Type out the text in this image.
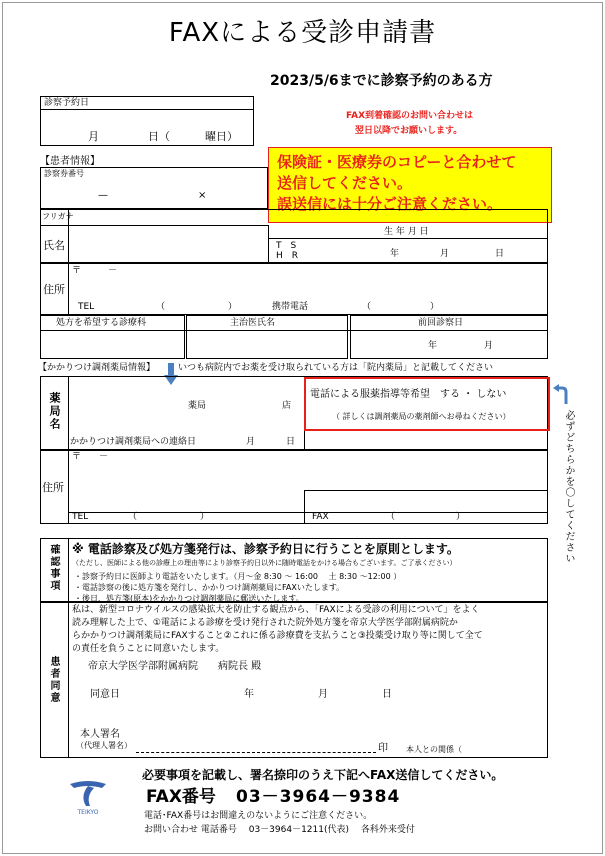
FAXによる受診申請書
2023/5/6までに診察予約のある方
診察予約日
月	日（	曜日）
FAX到着確認のお問い合わせは
翌日以降でお願いします。
保険証・医療券のコピーと合わせて
送信してください。
誤送信には十分ご注意ください。
【患者情報】
診察券番号
—	×
フリガナ
氏名
生 年 月 日
T　S
H　R	年	月	日
住所
〒　　　－
TEL	（	）	携帯電話	（	）
処方を希望する診療科	主治医氏名	前回診察日
年	月
【かかりつけ調剤薬局情報】	いつも病院内でお薬を受け取られている方は「院内薬局」と記載してください
薬局名	薬局	店
かかりつけ調剤薬局への連絡日	月	日
電話による服薬指導等希望　する ・ しない
（ 詳しくは調剤薬局の薬剤師へお尋ねください）	必ずどちらかを〇してください
住所
〒　　－
TEL	（	）	FAX	（	）
確認事項 ※ 電話診察及び処方箋発行は、診察予約日に行うことを原則とします。
（ただし、医師による他の診療上の理由等により診察予約日以外に随時電話をかける場合もございます。ご了承ください）
・診察予約日に医師より電話をいたします。（月～金 8:30 ～ 16:00　 土 8:30 ～12:00 ）
・電話診察の後に処方箋を発行し、かかりつけ調剤薬局にFAXいたします。
・後日、処方箋(原本)をかかりつけ調剤薬局に郵送いたします。
患者同意
私は、新型コロナウイルスの感染拡大を防止する観点から、「FAXによる受診の利用について」をよく
読み理解した上で、①電話による診療を受け発行された院外処方箋を帝京大学医学部附属病院か
らかかりつけ調剤薬局にFAXすること②これに係る診療費を支払うこと③投薬受け取り等に関して全て
の責任を負うことに同意いたします。
帝京大学医学部附属病院　　病院長 殿
同意日	年	月	日
本人署名
（代理人署名）	印 本人との関係（
TEIKYO
必要事項を記載し、署名捺印のうえ下記へFAX送信してください。
FAX番号 03－3964－9384
電話･FAX番号はお間違えのないようにご注意ください。
お問い合わせ 電話番号　 03－3964－1211(代表)　 各科外来受付
